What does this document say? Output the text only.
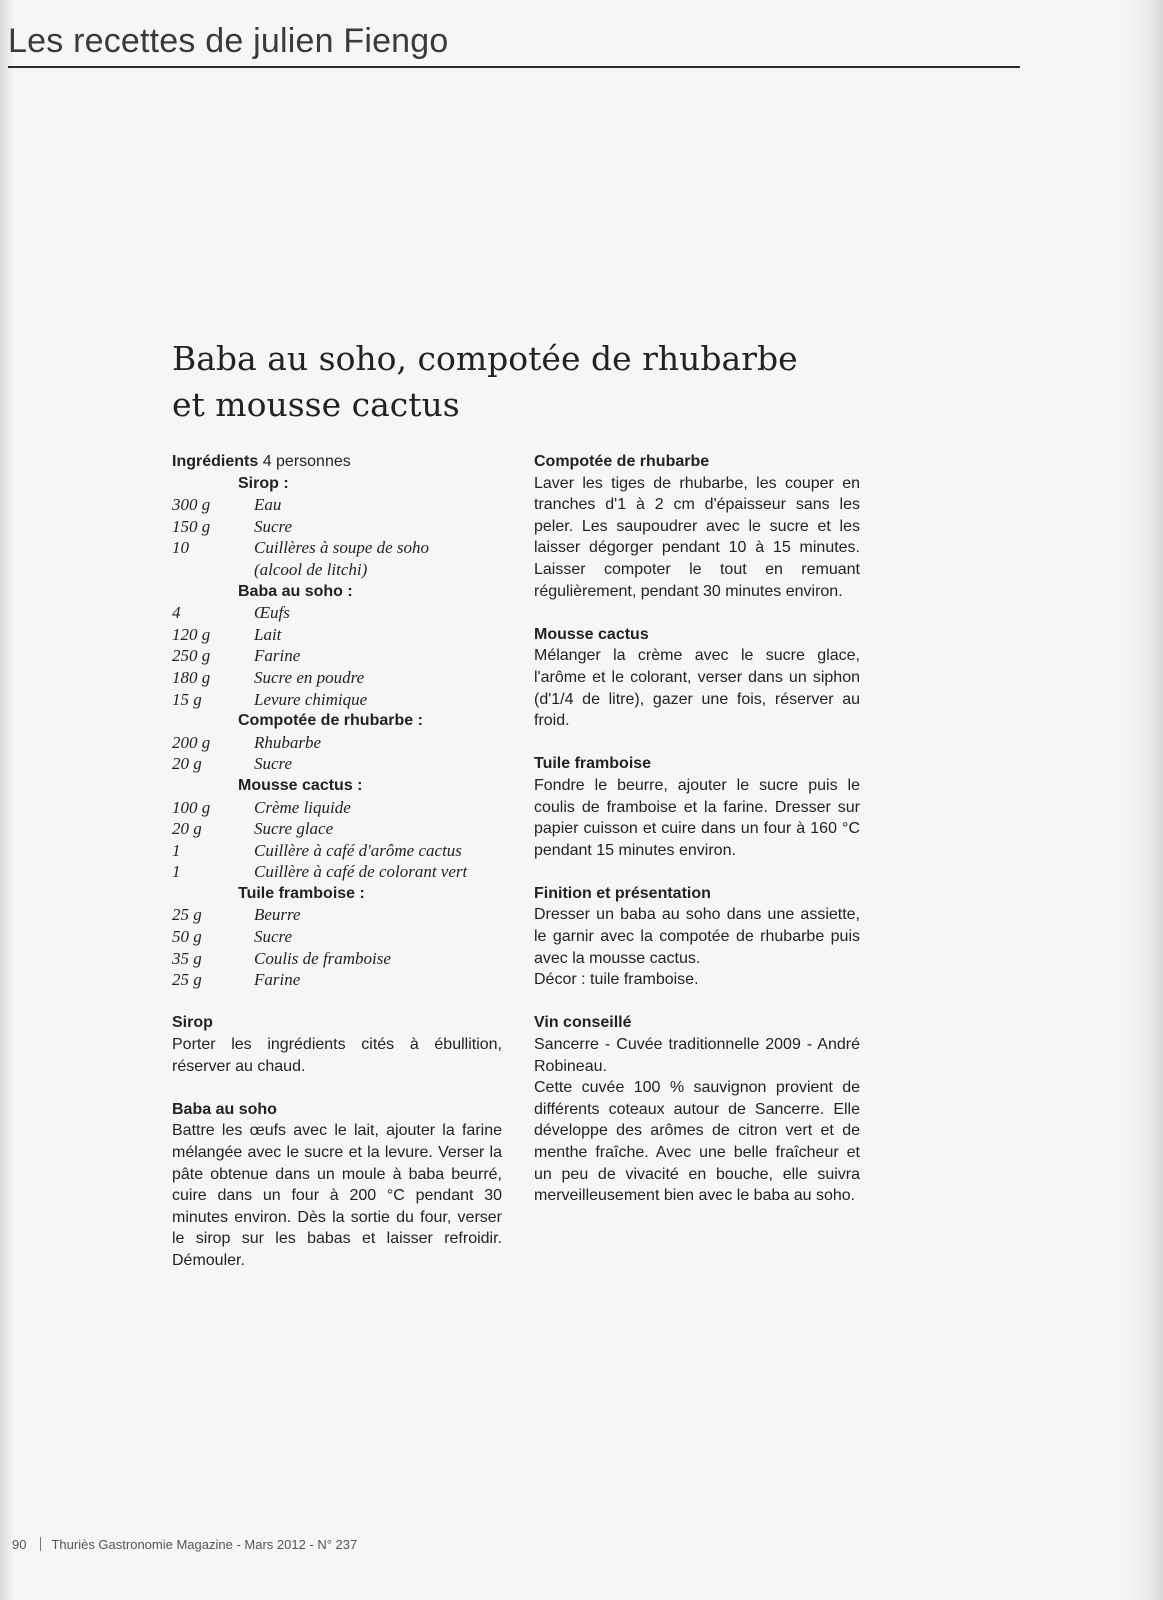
Les recettes de julien Fiengo
Baba au soho, compotée de rhubarbe
et mousse cactus
Ingrédients 4 personnes
Sirop :
300 g	Eau
150 g	Sucre
10	Cuillères à soupe de soho
(alcool de litchi)
Baba au soho :
4	Œufs
120 g	Lait
250 g	Farine
180 g	Sucre en poudre
15 g	Levure chimique
Compotée de rhubarbe :
200 g	Rhubarbe
20 g	Sucre
Mousse cactus :
100 g	Crème liquide
20 g	Sucre glace
1	Cuillère à café d'arôme cactus
1	Cuillère à café de colorant vert
Tuile framboise :
25 g	Beurre
50 g	Sucre
35 g	Coulis de framboise
25 g	Farine
Sirop
Porter les ingrédients cités à ébullition, réserver au chaud.
Baba au soho
Battre les œufs avec le lait, ajouter la farine mélangée avec le sucre et la levure. Verser la pâte obtenue dans un moule à baba beurré, cuire dans un four à 200 °C pendant 30 minutes environ. Dès la sortie du four, verser le sirop sur les babas et laisser refroidir. Démouler.
Compotée de rhubarbe
Laver les tiges de rhubarbe, les couper en tranches d'1 à 2 cm d'épaisseur sans les peler. Les saupoudrer avec le sucre et les laisser dégorger pendant 10 à 15 minutes. Laisser compoter le tout en remuant régulièrement, pendant 30 minutes environ.
Mousse cactus
Mélanger la crème avec le sucre glace, l'arôme et le colorant, verser dans un siphon (d'1/4 de litre), gazer une fois, réserver au froid.
Tuile framboise
Fondre le beurre, ajouter le sucre puis le coulis de framboise et la farine. Dresser sur papier cuisson et cuire dans un four à 160 °C pendant 15 minutes environ.
Finition et présentation
Dresser un baba au soho dans une assiette, le garnir avec la compotée de rhubarbe puis avec la mousse cactus.
Décor : tuile framboise.
Vin conseillé
Sancerre - Cuvée traditionnelle 2009 - André Robineau.
Cette cuvée 100 % sauvignon provient de différents coteaux autour de Sancerre. Elle développe des arômes de citron vert et de menthe fraîche. Avec une belle fraîcheur et un peu de vivacité en bouche, elle suivra merveilleusement bien avec le baba au soho.
90 Thuriès Gastronomie Magazine - Mars 2012 - N° 237
